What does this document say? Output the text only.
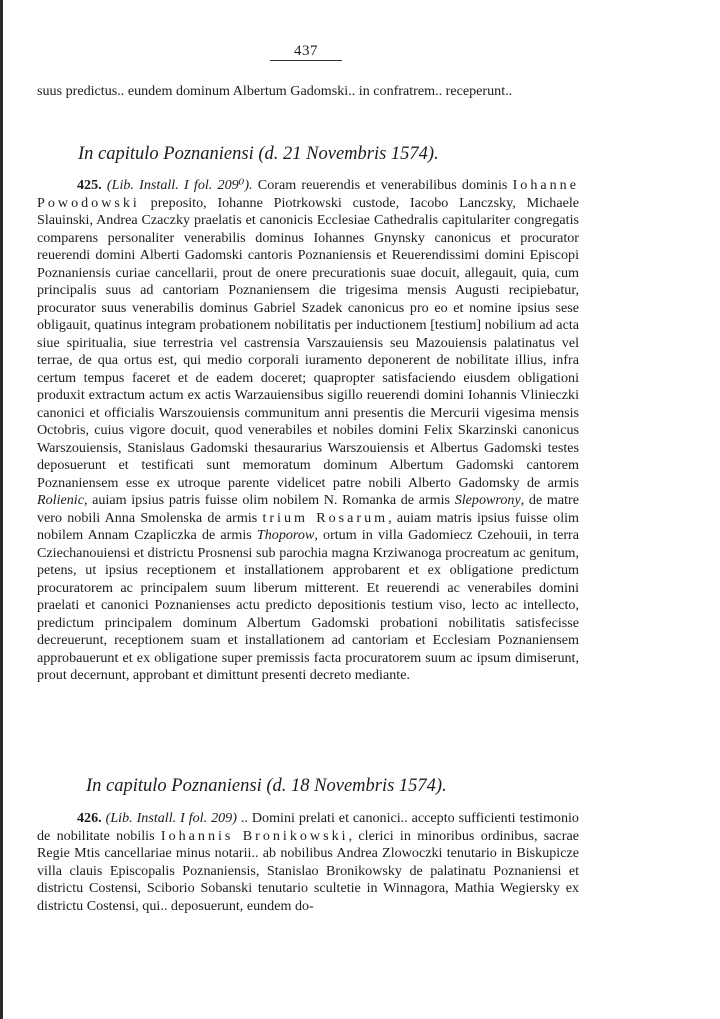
437

suus predictus.. eundem dominum Albertum Gadomski.. in confratrem.. receperunt..

In capitulo Poznaniensi (d. 21 Novembris 1574).

425. (Lib. Install. I fol. 209⁰). Coram reuerendis et venerabilibus dominis Iohanne Powodowski preposito, Iohanne Piotrkowski custode, Iacobo Lanczsky, Michaele Slauinski, Andrea Czaczky praelatis et canonicis Ecclesiae Cathedralis capitulariter congregatis comparens personaliter venerabilis dominus Iohannes Gnynsky canonicus et procurator reuerendi domini Alberti Gadomski cantoris Poznaniensis et Reuerendissimi domini Episcopi Poznaniensis curiae cancellarii, prout de onere precurationis suae docuit, allegauit, quia, cum principalis suus ad cantoriam Poznaniensem die trigesima mensis Augusti recipiebatur, procurator suus venerabilis dominus Gabriel Szadek canonicus pro eo et nomine ipsius sese obligauit, quatinus integram probationem nobilitatis per inductionem [testium] nobilium ad acta siue spiritualia, siue terrestria vel castrensia Varszauiensis seu Mazouiensis palatinatus vel terrae, de qua ortus est, qui medio corporali iuramento deponerent de nobilitate illius, infra certum tempus faceret et de eadem doceret; quapropter satisfaciendo eiusdem obligationi produxit extractum actum ex actis Warzauiensibus sigillo reuerendi domini Iohannis Vlinieczki canonici et officialis Warszouiensis communitum anni presentis die Mercurii vigesima mensis Octobris, cuius vigore docuit, quod venerabiles et nobiles domini Felix Skarzinski canonicus Warszouiensis, Stanislaus Gadomski thesaurarius Warszouiensis et Albertus Gadomski testes deposuerunt et testificati sunt memoratum dominum Albertum Gadomski cantorem Poznaniensem esse ex utroque parente videlicet patre nobili Alberto Gadomsky de armis Rolienic, auiam ipsius patris fuisse olim nobilem N. Romanka de armis Slepowrony, de matre vero nobili Anna Smolenska de armis trium Rosarum, auiam matris ipsius fuisse olim nobilem Annam Czapliczka de armis Thoporow, ortum in villa Gadomiecz Czehouii, in terra Cziechanouiensi et districtu Prosnensi sub parochia magna Krziwanoga procreatum ac genitum, petens, ut ipsius receptionem et installationem approbarent et ex obligatione predictum procuratorem ac principalem suum liberum mitterent. Et reuerendi ac venerabiles domini praelati et canonici Poznanienses actu predicto depositionis testium viso, lecto ac intellecto, predictum principalem dominum Albertum Gadomski probationi nobilitatis satisfecisse decreuerunt, receptionem suam et installationem ad cantoriam et Ecclesiam Poznaniensem approbauerunt et ex obligatione super premissis facta procuratorem suum ac ipsum dimiserunt, prout decernunt, approbant et dimittunt presenti decreto mediante.

In capitulo Poznaniensi (d. 18 Novembris 1574).

426. (Lib. Install. I fol. 209) .. Domini prelati et canonici.. accepto sufficienti testimonio de nobilitate nobilis Iohannis Bronikowski, clerici in minoribus ordinibus, sacrae Regie Mtis cancellariae minus notarii.. ab nobilibus Andrea Zlowoczki tenutario in Biskupicze villa clauis Episcopalis Poznaniensis, Stanislao Bronikowsky de palatinatu Poznaniensi et districtu Costensi, Sciborio Sobanski tenutario scultetie in Winnagora, Mathia Wegiersky ex districtu Costensi, qui.. deposuerunt, eundem do-
